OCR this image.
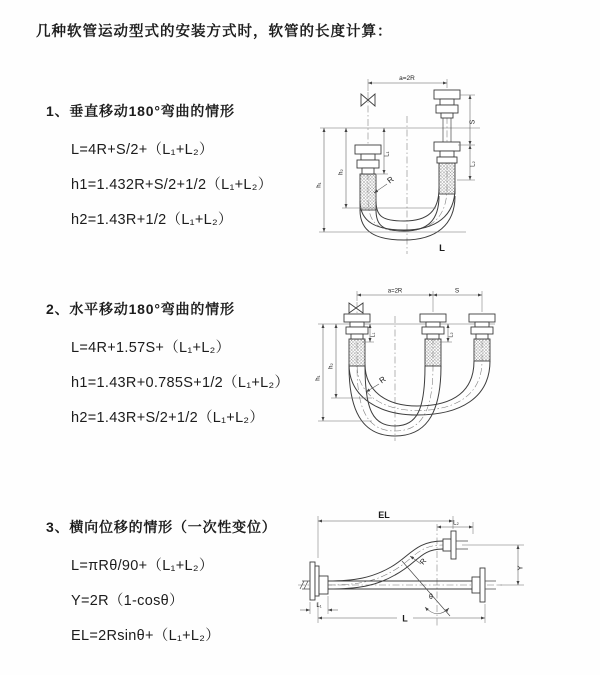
几种软管运动型式的安装方式时，软管的长度计算：
1、垂直移动180°弯曲的情形
L=4R+S/2+（L₁+L₂）
h1=1.432R+S/2+1/2（L₁+L₂）
h2=1.43R+1/2（L₁+L₂）
2、水平移动180°弯曲的情形
L=4R+1.57S+（L₁+L₂）
h1=1.43R+0.785S+1/2（L₁+L₂）
h2=1.43R+S/2+1/2（L₁+L₂）
3、横向位移的情形（一次性变位）
L=πRθ/90+（L₁+L₂）
Y=2R（1-cosθ）
EL=2Rsinθ+（L₁+L₂）
a=2R
S
L₂
L₁
h₁
h₂
R
L
a=2R	S
h₁
h₂
L₁	L₂
R
EL
L₂
Y
L
L₁
θ
R
